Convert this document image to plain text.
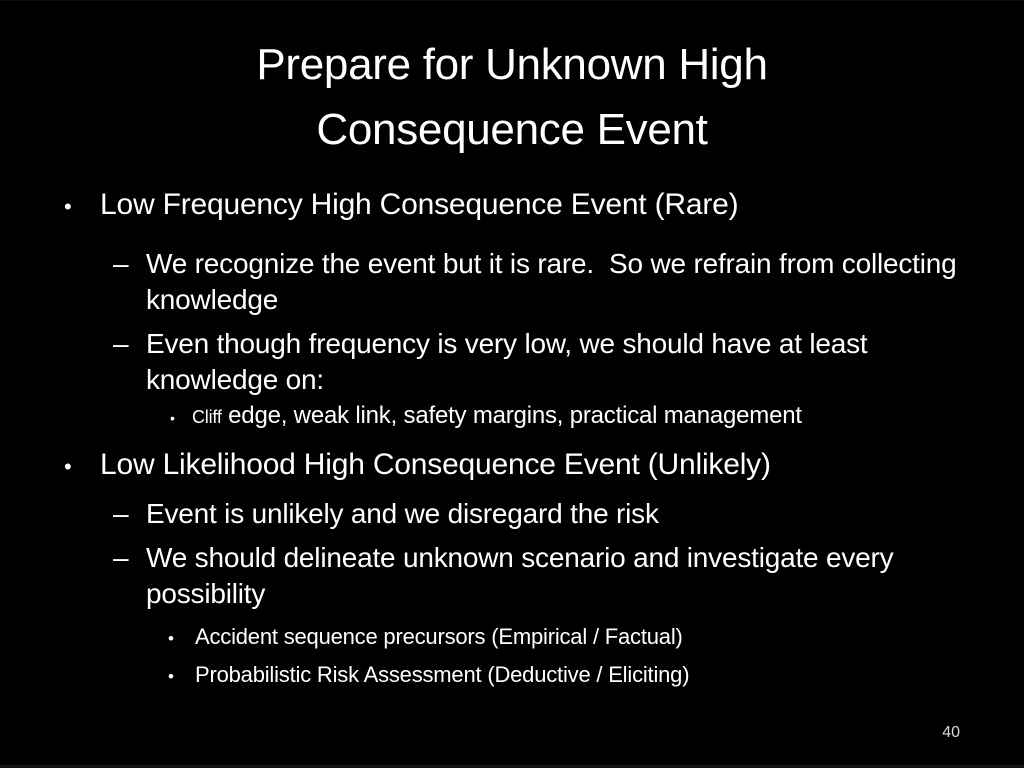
Prepare for Unknown High
Consequence Event
• Low Frequency High Consequence Event (Rare)
– We recognize the event but it is rare.  So we refrain from collecting knowledge
– Even though frequency is very low, we should have at least knowledge on:
• Cliff edge, weak link, safety margins, practical management
• Low Likelihood High Consequence Event (Unlikely)
– Event is unlikely and we disregard the risk
– We should delineate unknown scenario and investigate every possibility
• Accident sequence precursors (Empirical / Factual)
• Probabilistic Risk Assessment (Deductive / Eliciting)
40
